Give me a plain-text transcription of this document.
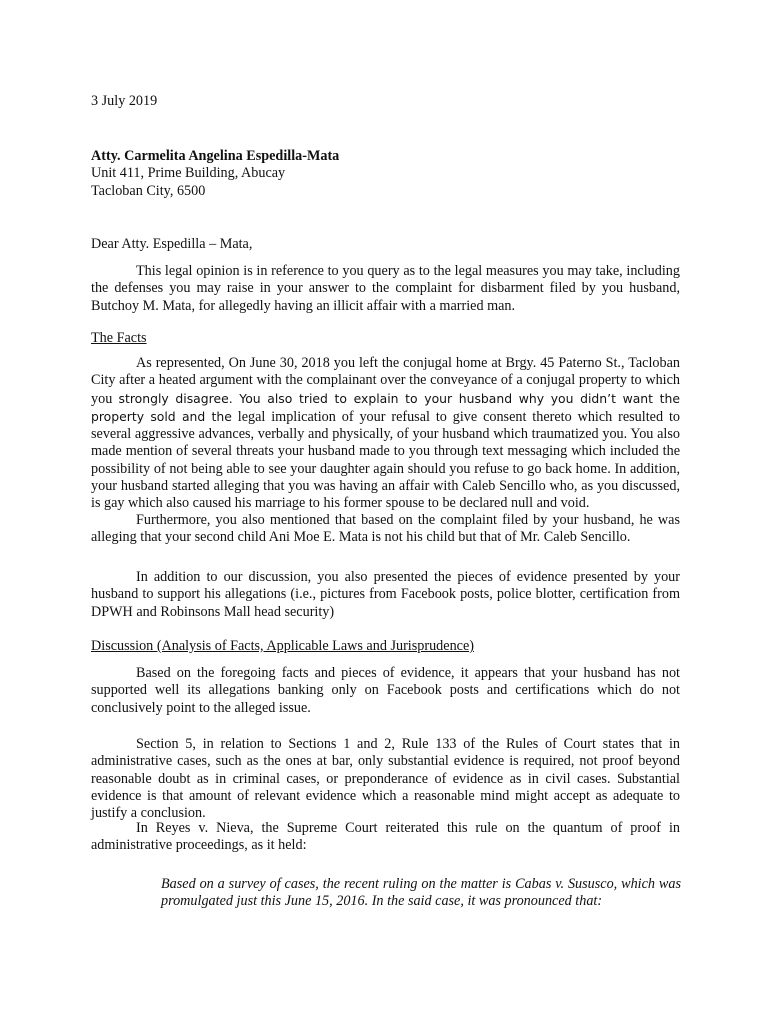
3 July 2019
Atty. Carmelita Angelina Espedilla-Mata
Unit 411, Prime Building, Abucay
Tacloban City, 6500
Dear Atty. Espedilla – Mata,

This legal opinion is in reference to you query as to the legal measures you may take, including the defenses you may raise in your answer to the complaint for disbarment filed by you husband, Butchoy M. Mata, for allegedly having an illicit affair with a married man.

The Facts

As represented, On June 30, 2018 you left the conjugal home at Brgy. 45 Paterno St., Tacloban City after a heated argument with the complainant over the conveyance of a conjugal property to which you strongly disagree. You also tried to explain to your husband why you didn’t want the property sold and the legal implication of your refusal to give consent thereto which resulted to several aggressive advances, verbally and physically, of your husband which traumatized you. You also made mention of several threats your husband made to you through text messaging which included the possibility of not being able to see your daughter again should you refuse to go back home. In addition, your husband started alleging that you was having an affair with Caleb Sencillo who, as you discussed, is gay which also caused his marriage to his former spouse to be declared null and void.

Furthermore, you also mentioned that based on the complaint filed by your husband, he was alleging that your second child Ani Moe E. Mata is not his child but that of Mr. Caleb Sencillo.

In addition to our discussion, you also presented the pieces of evidence presented by your husband to support his allegations (i.e., pictures from Facebook posts, police blotter, certification from DPWH and Robinsons Mall head security)

Discussion (Analysis of Facts, Applicable Laws and Jurisprudence)

Based on the foregoing facts and pieces of evidence, it appears that your husband has not supported well its allegations banking only on Facebook posts and certifications which do not conclusively point to the alleged issue.

Section 5, in relation to Sections 1 and 2, Rule 133 of the Rules of Court states that in administrative cases, such as the ones at bar, only substantial evidence is required, not proof beyond reasonable doubt as in criminal cases, or preponderance of evidence as in civil cases. Substantial evidence is that amount of relevant evidence which a reasonable mind might accept as adequate to justify a conclusion.

In Reyes v. Nieva, the Supreme Court reiterated this rule on the quantum of proof in administrative proceedings, as it held:

Based on a survey of cases, the recent ruling on the matter is Cabas v. Sususco, which was promulgated just this June 15, 2016. In the said case, it was pronounced that:
